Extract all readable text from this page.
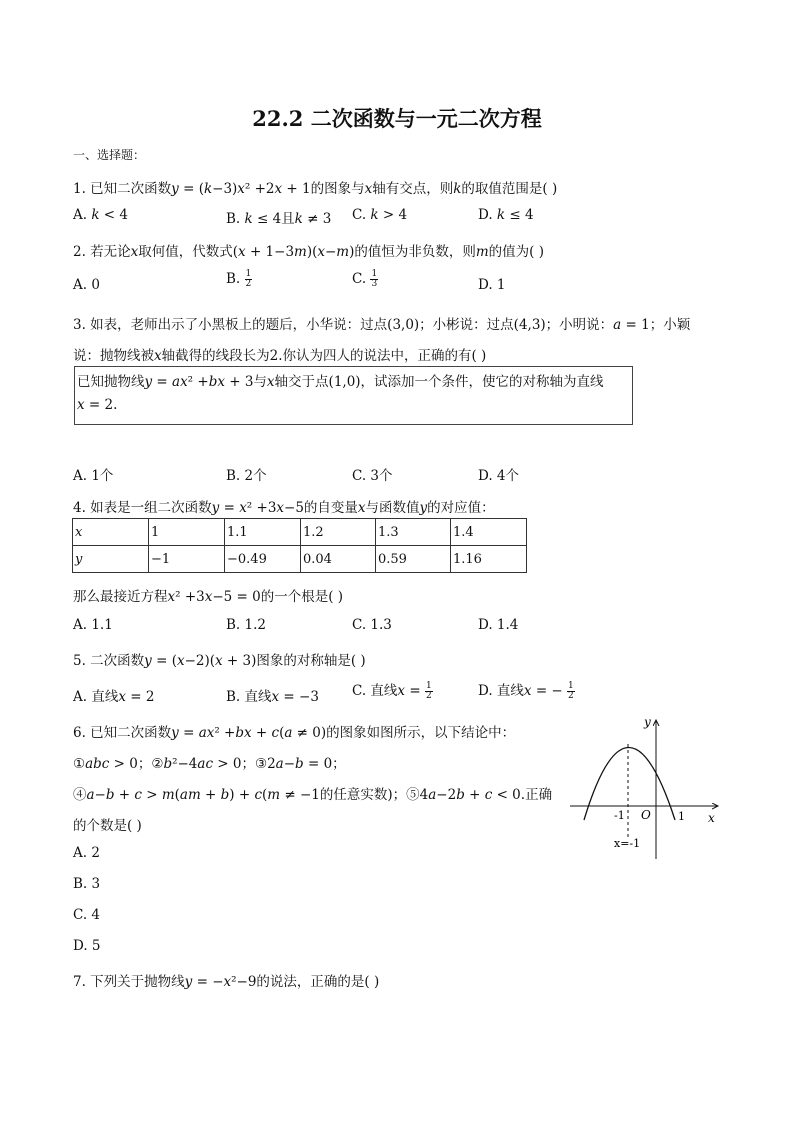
22.2 二次函数与一元二次方程
一、选择题：
1. 已知二次函数𝑦 = (𝑘−3)𝑥² +2𝑥 + 1的图象与𝑥轴有交点，则𝑘的取值范围是( )
A. 𝑘 < 4	B. 𝑘 ≤ 4且𝑘 ≠ 3 C. 𝑘 > 4	D. 𝑘 ≤ 4
2. 若无论𝑥取何值，代数式(𝑥 + 1−3𝑚)(𝑥−𝑚)的值恒为非负数，则𝑚的值为( )
A. 0	B. $\frac{1}{2}$	C. $\frac{1}{3}$	D. 1
3. 如表，老师出示了小黑板上的题后，小华说：过点(3,0)；小彬说：过点(4,3)；小明说：𝑎 = 1；小颖
说：抛物线被𝑥轴截得的线段长为2.你认为四人的说法中，正确的有( )
已知抛物线𝑦 = 𝑎𝑥² +𝑏𝑥 + 3与𝑥轴交于点(1,0)，试添加一个条件，使它的对称轴为直线
𝑥 = 2.
A. 1个	B. 2个	C. 3个	D. 4个
4. 如表是一组二次函数𝑦 = 𝑥² +3𝑥−5的自变量𝑥与函数值𝑦的对应值：
𝑥	1	1.1	1.2	1.3	1.4
𝑦	−1	−0.49	0.04	0.59	1.16
那么最接近方程𝑥² +3𝑥−5 = 0的一个根是( )
A. 1.1	B. 1.2	C. 1.3	D. 1.4
5. 二次函数𝑦 = (𝑥−2)(𝑥 + 3)图象的对称轴是( )
A. 直线𝑥 = 2	B. 直线𝑥 = −3 C. 直线𝑥 = $\frac{1}{2}$	D. 直线𝑥 = − $\frac{1}{2}$
6. 已知二次函数𝑦 = 𝑎𝑥² +𝑏𝑥 + 𝑐(𝑎 ≠ 0)的图象如图所示，以下结论中：
①𝑎𝑏𝑐 > 0；②𝑏²−4𝑎𝑐 > 0；③2𝑎−𝑏 = 0；
④𝑎−𝑏 + 𝑐 > 𝑚(𝑎𝑚 + 𝑏) + 𝑐(𝑚 ≠ −1的任意实数)；⑤4𝑎−2𝑏 + 𝑐 < 0.正确
的个数是( )
A. 2
B. 3
C. 4
D. 5
y
x
O
-1	1
x=-1
7. 下列关于抛物线𝑦 = −𝑥²−9的说法，正确的是( )
